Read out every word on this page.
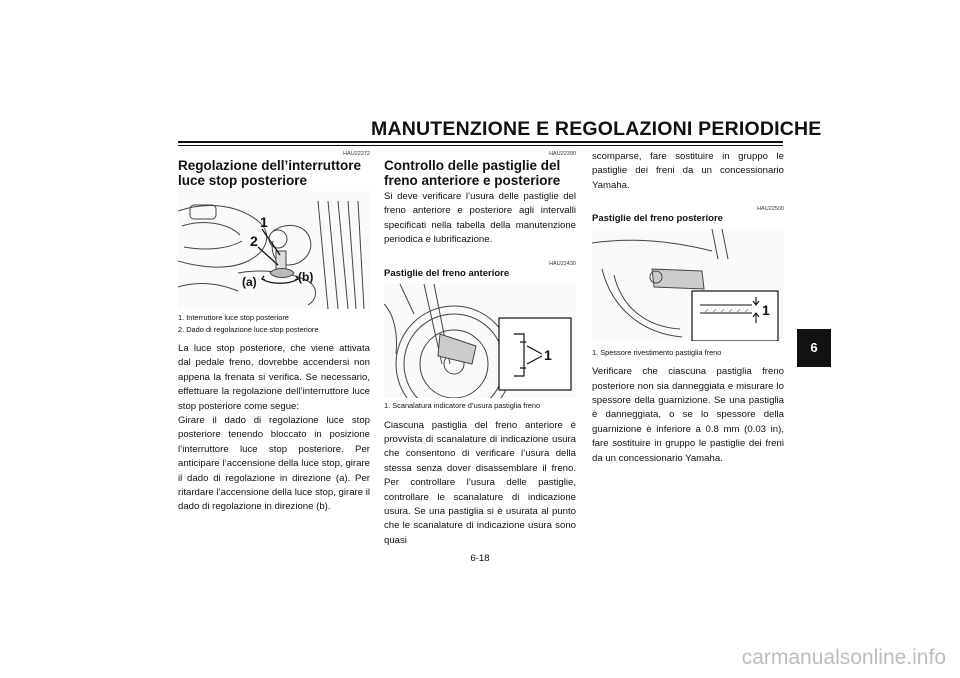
MANUTENZIONE E REGOLAZIONI PERIODICHE
HAU22272
Regolazione dell’interruttore luce stop posteriore
1
2
(a)	(b)
1. Interruttore luce stop posteriore
2. Dado di regolazione luce stop posteriore

La luce stop posteriore, che viene attivata dal pedale freno, dovrebbe accendersi non appena la frenata si verifica. Se necessario, effettuare la regolazione dell’interruttore luce stop posteriore come segue:

Girare il dado di regolazione luce stop posteriore tenendo bloccato in posizione l’interruttore luce stop posteriore. Per anticipare l’accensione della luce stop, girare il dado di regolazione in direzione (a). Per ritardare l’accensione della luce stop, girare il dado di regolazione in direzione (b).

HAU22390
Controllo delle pastiglie del freno anteriore e posteriore

Si deve verificare l’usura delle pastiglie del freno anteriore e posteriore agli intervalli specificati nella tabella della manutenzione periodica e lubrificazione.

HAU22430
Pastiglie del freno anteriore
1
1. Scanalatura indicatore d’usura pastiglia freno

Ciascuna pastiglia del freno anteriore è provvista di scanalature di indicazione usura che consentono di verificare l’usura della stessa senza dover disassemblare il freno. Per controllare l’usura delle pastiglie, controllare le scanalature di indicazione usura. Se una pastiglia si è usurata al punto che le scanalature di indicazione usura sono quasi

scomparse, fare sostituire in gruppo le pastiglie dei freni da un concessionario Yamaha.

HAU22500
Pastiglie del freno posteriore
1
1. Spessore rivestimento pastiglia freno

Verificare che ciascuna pastiglia freno posteriore non sia danneggiata e misurare lo spessore della guarnizione. Se una pastiglia è danneggiata, o se lo spessore della guarnizione è inferiore a 0.8 mm (0.03 in), fare sostituire in gruppo le pastiglie dei freni da un concessionario Yamaha.

6
6-18
carmanualsonline.info
